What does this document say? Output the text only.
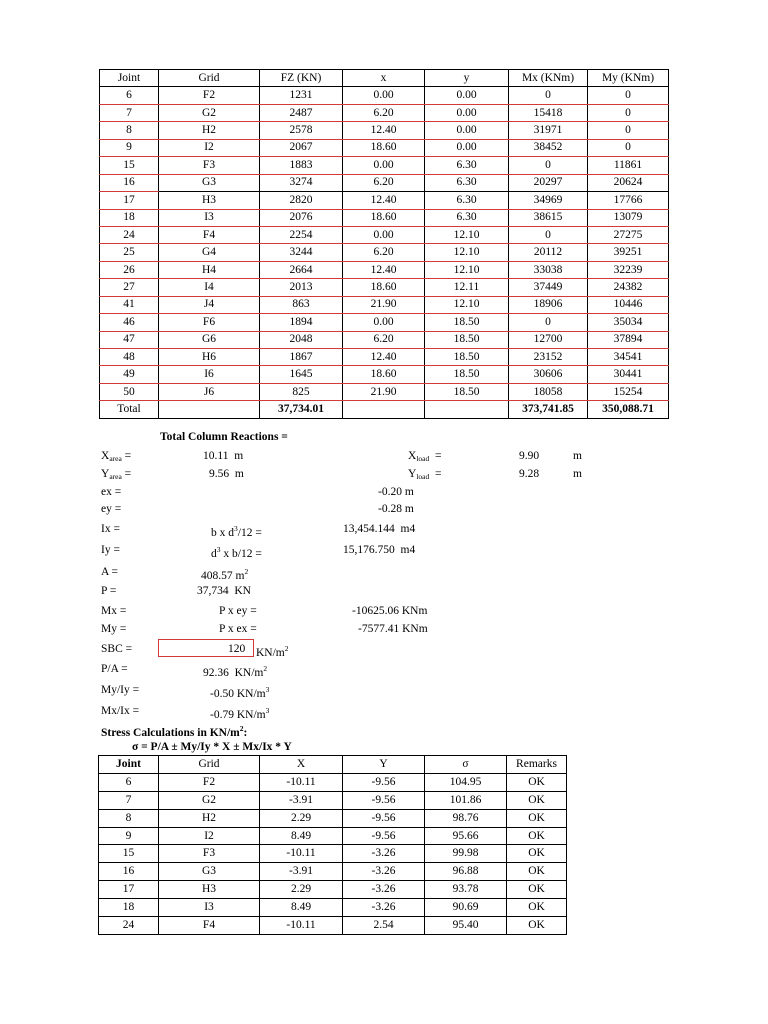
Joint	Grid	FZ (KN)	x	y	Mx (KNm)	My (KNm)
6	F2	1231	0.00	0.00	0	0
7	G2	2487	6.20	0.00	15418	0
8	H2	2578	12.40	0.00	31971	0
9	I2	2067	18.60	0.00	38452	0
15	F3	1883	0.00	6.30	0	11861
16	G3	3274	6.20	6.30	20297	20624
17	H3	2820	12.40	6.30	34969	17766
18	I3	2076	18.60	6.30	38615	13079
24	F4	2254	0.00	12.10	0	27275
25	G4	3244	6.20	12.10	20112	39251
26	H4	2664	12.40	12.10	33038	32239
27	I4	2013	18.60	12.11	37449	24382
41	J4	863	21.90	12.10	18906	10446
46	F6	1894	0.00	18.50	0	35034
47	G6	2048	6.20	18.50	12700	37894
48	H6	1867	12.40	18.50	23152	34541
49	I6	1645	18.60	18.50	30606	30441
50	J6	825	21.90	18.50	18058	15254
Total		37,734.01			373,741.85	350,088.71
Total Column Reactions =
$X_{area}$ =	10.11 m	$X_{load}$ =	9.90	m
$Y_{area}$ =	9.56 m	$Y_{load}$ =	9.28	m
ex =	-0.20 m
ey =	-0.28 m
Ix =	b x $d^3/12$ =	13,454.144 m4
Iy =	$d^3$ x b/12 =	15,176.750 m4
A =	408.57 $m^2$
P =	37,734 KN
Mx =	P x ey =	-10625.06 KNm
My =	P x ex =	-7577.41 KNm
SBC =	120 $KN/m^2$
P/A =	92.36 $KN/m^2$
My/Iy =	-0.50 $KN/m^3$
Mx/Ix =	-0.79 $KN/m^3$
Stress Calculations in $KN/m^2$:
σ = P/A ± My/Iy * X ± Mx/Ix * Y
Joint	Grid	X	Y	σ	Remarks
6	F2	-10.11	-9.56	104.95	OK
7	G2	-3.91	-9.56	101.86	OK
8	H2	2.29	-9.56	98.76	OK
9	I2	8.49	-9.56	95.66	OK
15	F3	-10.11	-3.26	99.98	OK
16	G3	-3.91	-3.26	96.88	OK
17	H3	2.29	-3.26	93.78	OK
18	I3	8.49	-3.26	90.69	OK
24	F4	-10.11	2.54	95.40	OK
